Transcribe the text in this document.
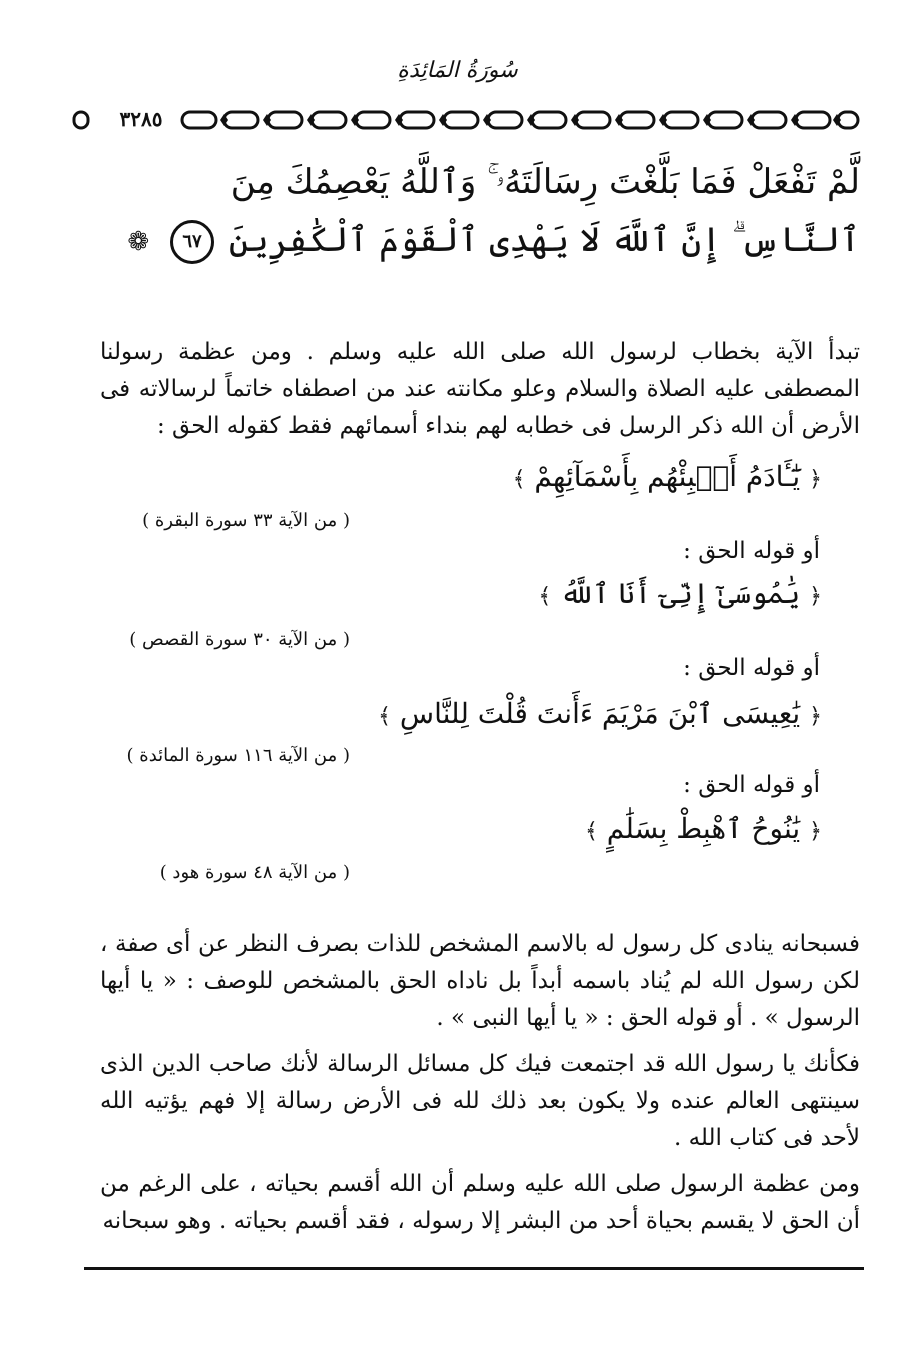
سُورَةُ المَائِدَةِ
٣٢٨٥
لَّمْ تَفْعَلْ فَمَا بَلَّغْتَ رِسَالَتَهُۥ ۚ وَٱللَّهُ يَعْصِمُكَ مِنَ
ٱلنَّاسِ ۗ إِنَّ ٱللَّهَ لَا يَهْدِى ٱلْقَوْمَ ٱلْكَٰفِرِينَ ٦٧ ❁

تبدأ الآية بخطاب لرسول الله صلى الله عليه وسلم . ومن عظمة رسولنا المصطفى عليه الصلاة والسلام وعلو مكانته عند من اصطفاه خاتماً لرسالاته فى الأرض أن الله ذكر الرسل فى خطابه لهم بنداء أسمائهم فقط كقوله الحق :

﴿ يَٰٓـَٔادَمُ أَنۢبِئْهُم بِأَسْمَآئِهِمْ ﴾
( من الآية ٣٣ سورة البقرة )
أو قوله الحق :
﴿ يَٰمُوسَىٰٓ إِنِّىٓ أَنَا ٱللَّهُ ﴾
( من الآية ٣٠ سورة القصص )
أو قوله الحق :
﴿ يَٰعِيسَى ٱبْنَ مَرْيَمَ ءَأَنتَ قُلْتَ لِلنَّاسِ ﴾
( من الآية ١١٦ سورة المائدة )
أو قوله الحق :
﴿ يَٰنُوحُ ٱهْبِطْ بِسَلَٰمٍ ﴾
( من الآية ٤٨ سورة هود )

فسبحانه ينادى كل رسول له بالاسم المشخص للذات بصرف النظر عن أى صفة ، لكن رسول الله لم يُناد باسمه أبداً بل ناداه الحق بالمشخص للوصف : « يا أيها الرسول » . أو قوله الحق : « يا أيها النبى » .

فكأنك يا رسول الله قد اجتمعت فيك كل مسائل الرسالة لأنك صاحب الدين الذى سينتهى العالم عنده ولا يكون بعد ذلك لله فى الأرض رسالة إلا فهم يؤتيه الله لأحد فى كتاب الله .

ومن عظمة الرسول صلى الله عليه وسلم أن الله أقسم بحياته ، على الرغم من أن الحق لا يقسم بحياة أحد من البشر إلا رسوله ، فقد أقسم بحياته . وهو سبحانه
